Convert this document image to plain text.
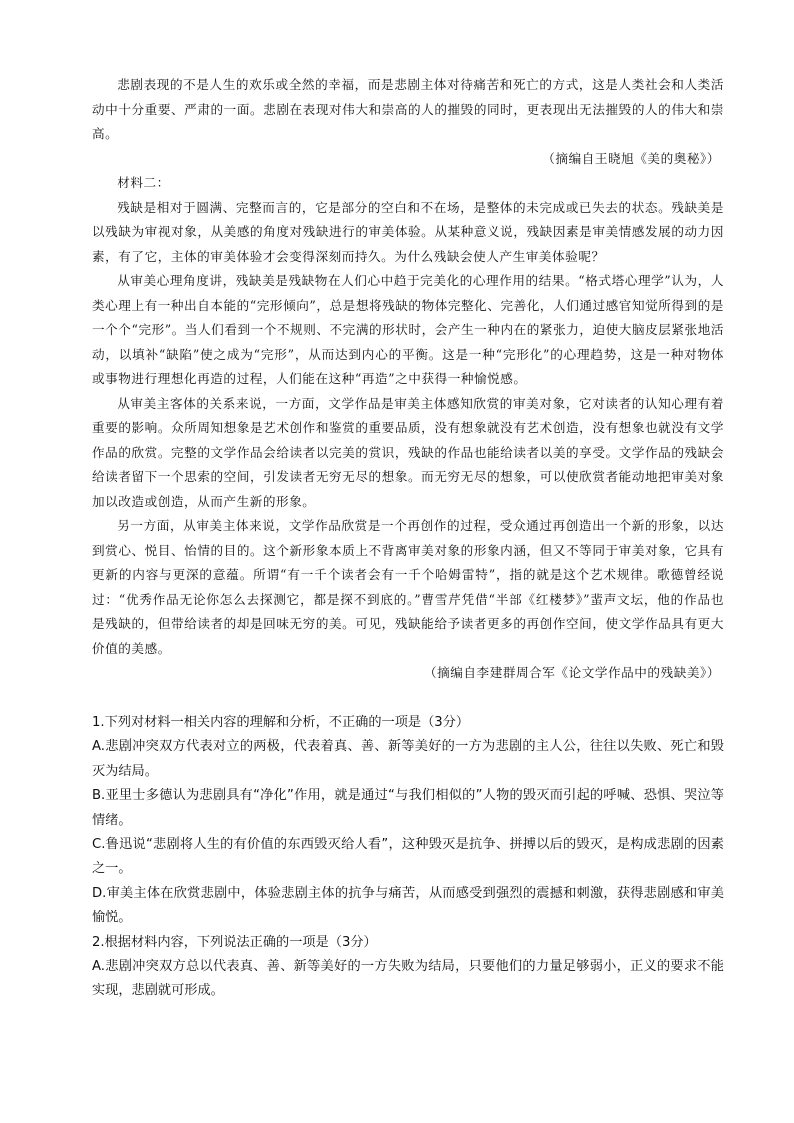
悲剧表现的不是人生的欢乐或全然的幸福，而是悲剧主体对待痛苦和死亡的方式，这是人类社会和人类活动中十分重要、严肃的一面。悲剧在表现对伟大和崇高的人的摧毁的同时，更表现出无法摧毁的人的伟大和崇高。

（摘编自王晓旭《美的奥秘》）

材料二：

残缺是相对于圆满、完整而言的，它是部分的空白和不在场，是整体的未完成或已失去的状态。残缺美是以残缺为审视对象，从美感的角度对残缺进行的审美体验。从某种意义说，残缺因素是审美情感发展的动力因素，有了它，主体的审美体验才会变得深刻而持久。为什么残缺会使人产生审美体验呢？

从审美心理角度讲，残缺美是残缺物在人们心中趋于完美化的心理作用的结果。“格式塔心理学”认为，人类心理上有一种出自本能的“完形倾向”，总是想将残缺的物体完整化、完善化，人们通过感官知觉所得到的是一个个“完形”。当人们看到一个不规则、不完满的形状时，会产生一种内在的紧张力，迫使大脑皮层紧张地活动，以填补“缺陷”使之成为“完形”，从而达到内心的平衡。这是一种“完形化”的心理趋势，这是一种对物体或事物进行理想化再造的过程，人们能在这种“再造”之中获得一种愉悦感。

从审美主客体的关系来说，一方面，文学作品是审美主体感知欣赏的审美对象，它对读者的认知心理有着重要的影响。众所周知想象是艺术创作和鉴赏的重要品质，没有想象就没有艺术创造，没有想象也就没有文学作品的欣赏。完整的文学作品会给读者以完美的赏识，残缺的作品也能给读者以美的享受。文学作品的残缺会给读者留下一个思索的空间，引发读者无穷无尽的想象。而无穷无尽的想象，可以使欣赏者能动地把审美对象加以改造或创造，从而产生新的形象。

另一方面，从审美主体来说，文学作品欣赏是一个再创作的过程，受众通过再创造出一个新的形象，以达到赏心、悦目、怡情的目的。这个新形象本质上不背离审美对象的形象内涵，但又不等同于审美对象，它具有更新的内容与更深的意蕴。所谓“有一千个读者会有一千个哈姆雷特”，指的就是这个艺术规律。歌德曾经说过：“优秀作品无论你怎么去探测它，都是探不到底的。”曹雪芹凭借“半部《红楼梦》”蜚声文坛，他的作品也是残缺的，但带给读者的却是回味无穷的美。可见，残缺能给予读者更多的再创作空间，使文学作品具有更大价值的美感。

（摘编自李建群周合军《论文学作品中的残缺美》）

1.下列对材料一相关内容的理解和分析，不正确的一项是（3分）

A.悲剧冲突双方代表对立的两极，代表着真、善、新等美好的一方为悲剧的主人公，往往以失败、死亡和毁灭为结局。

B.亚里士多德认为悲剧具有“净化”作用，就是通过“与我们相似的”人物的毁灭而引起的呼喊、恐惧、哭泣等情绪。

C.鲁迅说“悲剧将人生的有价值的东西毁灭给人看”，这种毁灭是抗争、拼搏以后的毁灭，是构成悲剧的因素之一。

D.审美主体在欣赏悲剧中，体验悲剧主体的抗争与痛苦，从而感受到强烈的震撼和刺激，获得悲剧感和审美愉悦。

2.根据材料内容，下列说法正确的一项是（3分）

A.悲剧冲突双方总以代表真、善、新等美好的一方失败为结局，只要他们的力量足够弱小，正义的要求不能实现，悲剧就可形成。
